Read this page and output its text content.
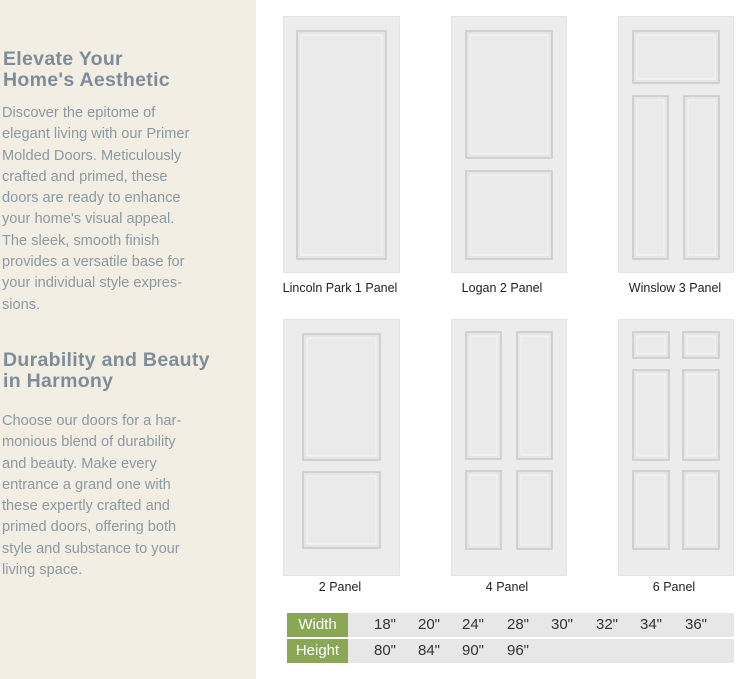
Elevate Your
Home's Aesthetic

Discover the epitome of
elegant living with our Primer
Molded Doors. Meticulously
crafted and primed, these
doors are ready to enhance
your home's visual appeal.
The sleek, smooth finish
provides a versatile base for
your individual style expres-
sions.

Durability and Beauty
in Harmony

Choose our doors for a har-
monious blend of durability
and beauty. Make every
entrance a grand one with
these expertly crafted and
primed doors, offering both
style and substance to your
living space.

Lincoln Park 1 Panel	Logan 2 Panel	Winslow 3 Panel
2 Panel	4 Panel	6 Panel
Width	18"	20"	24"	28"	30"	32"	34"	36"
Height	80"	84"	90"	96"
